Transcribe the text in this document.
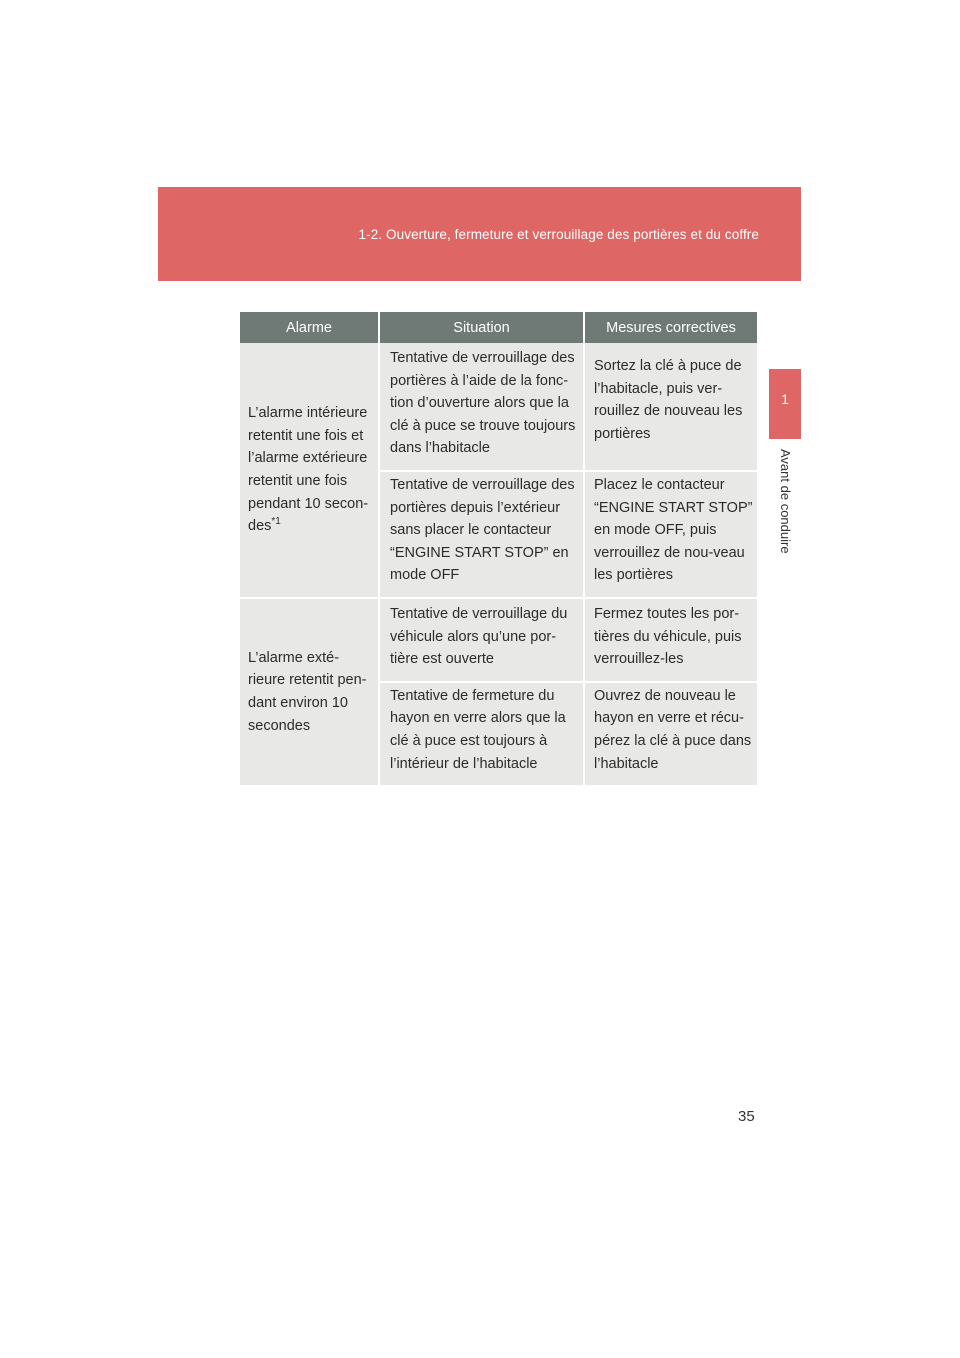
1-2. Ouverture, fermeture et verrouillage des portières et du coffre
1
Avant de conduire
Alarme	Situation	Mesures correctives
L’alarme intérieure retentit une fois et l’alarme extérieure retentit une fois pendant 10 secon-des$^{*1}$	Tentative de verrouillage des portières à l’aide de la fonc-tion d’ouverture alors que la clé à puce se trouve toujours dans l’habitacle	Sortez la clé à puce de l’habitacle, puis ver-rouillez de nouveau les portières
	Tentative de verrouillage des portières depuis l’extérieur sans placer le contacteur “ENGINE START STOP” en mode OFF	Placez le contacteur “ENGINE START STOP” en mode OFF, puis verrouillez de nou-veau les portières
L’alarme exté-rieure retentit pen-dant environ 10 secondes	Tentative de verrouillage du véhicule alors qu’une por-tière est ouverte	Fermez toutes les por-tières du véhicule, puis verrouillez-les
	Tentative de fermeture du hayon en verre alors que la clé à puce est toujours à l’intérieur de l’habitacle	Ouvrez de nouveau le hayon en verre et récu-pérez la clé à puce dans l’habitacle
35
